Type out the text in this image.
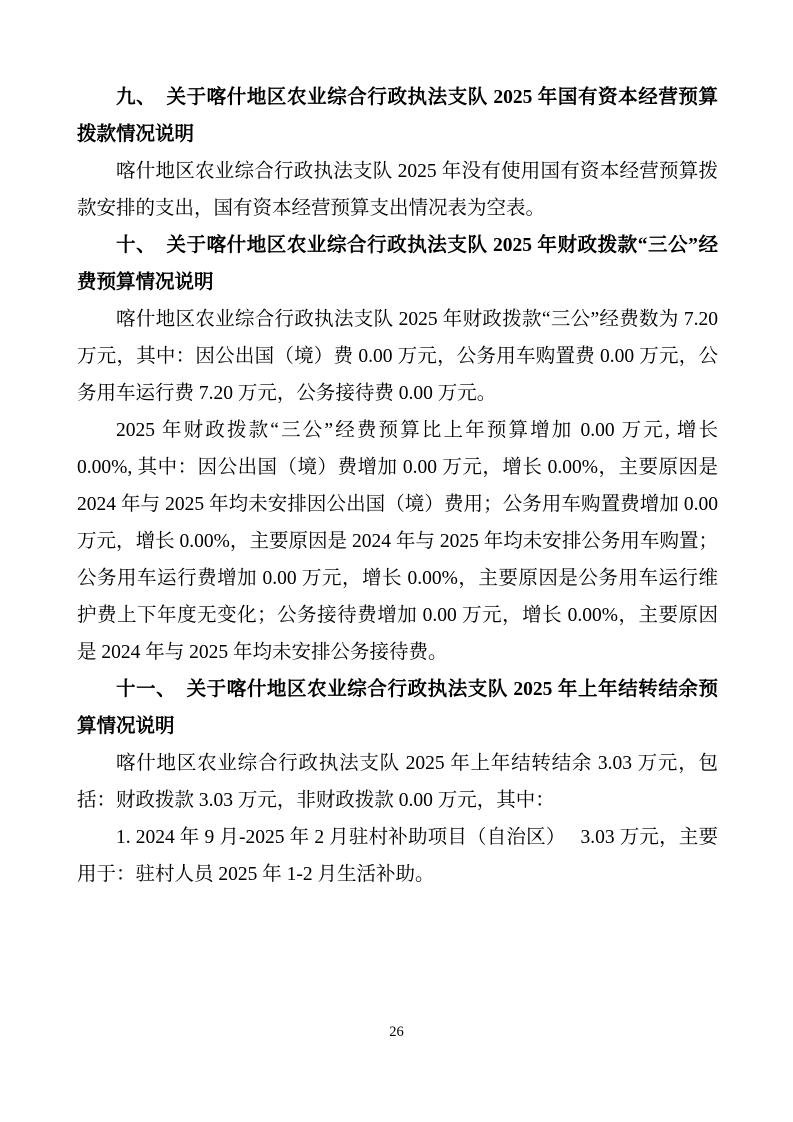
九、　关于喀什地区农业综合行政执法支队 2025 年国有资本经营预算拨款情况说明

喀什地区农业综合行政执法支队 2025 年没有使用国有资本经营预算拨款安排的支出，国有资本经营预算支出情况表为空表。

十、　关于喀什地区农业综合行政执法支队 2025 年财政拨款“三公”经费预算情况说明

喀什地区农业综合行政执法支队 2025 年财政拨款“三公”经费数为 7.20 万元，其中：因公出国（境）费 0.00 万元，公务用车购置费 0.00 万元，公务用车运行费 7.20 万元，公务接待费 0.00 万元。

2025 年财政拨款“三公”经费预算比上年预算增加 0.00 万元, 增长 0.00%, 其中：因公出国（境）费增加 0.00 万元，增长 0.00%，主要原因是 2024 年与 2025 年均未安排因公出国（境）费用；公务用车购置费增加 0.00 万元，增长 0.00%，主要原因是 2024 年与 2025 年均未安排公务用车购置；公务用车运行费增加 0.00 万元，增长 0.00%，主要原因是公务用车运行维护费上下年度无变化；公务接待费增加 0.00 万元，增长 0.00%，主要原因是 2024 年与 2025 年均未安排公务接待费。

十一、　关于喀什地区农业综合行政执法支队 2025 年上年结转结余预算情况说明

喀什地区农业综合行政执法支队 2025 年上年结转结余 3.03 万元，包括：财政拨款 3.03 万元，非财政拨款 0.00 万元，其中：

1. 2024 年 9 月-2025 年 2 月驻村补助项目（自治区）　 3.03 万元，主要用于：驻村人员 2025 年 1-2 月生活补助。

26
